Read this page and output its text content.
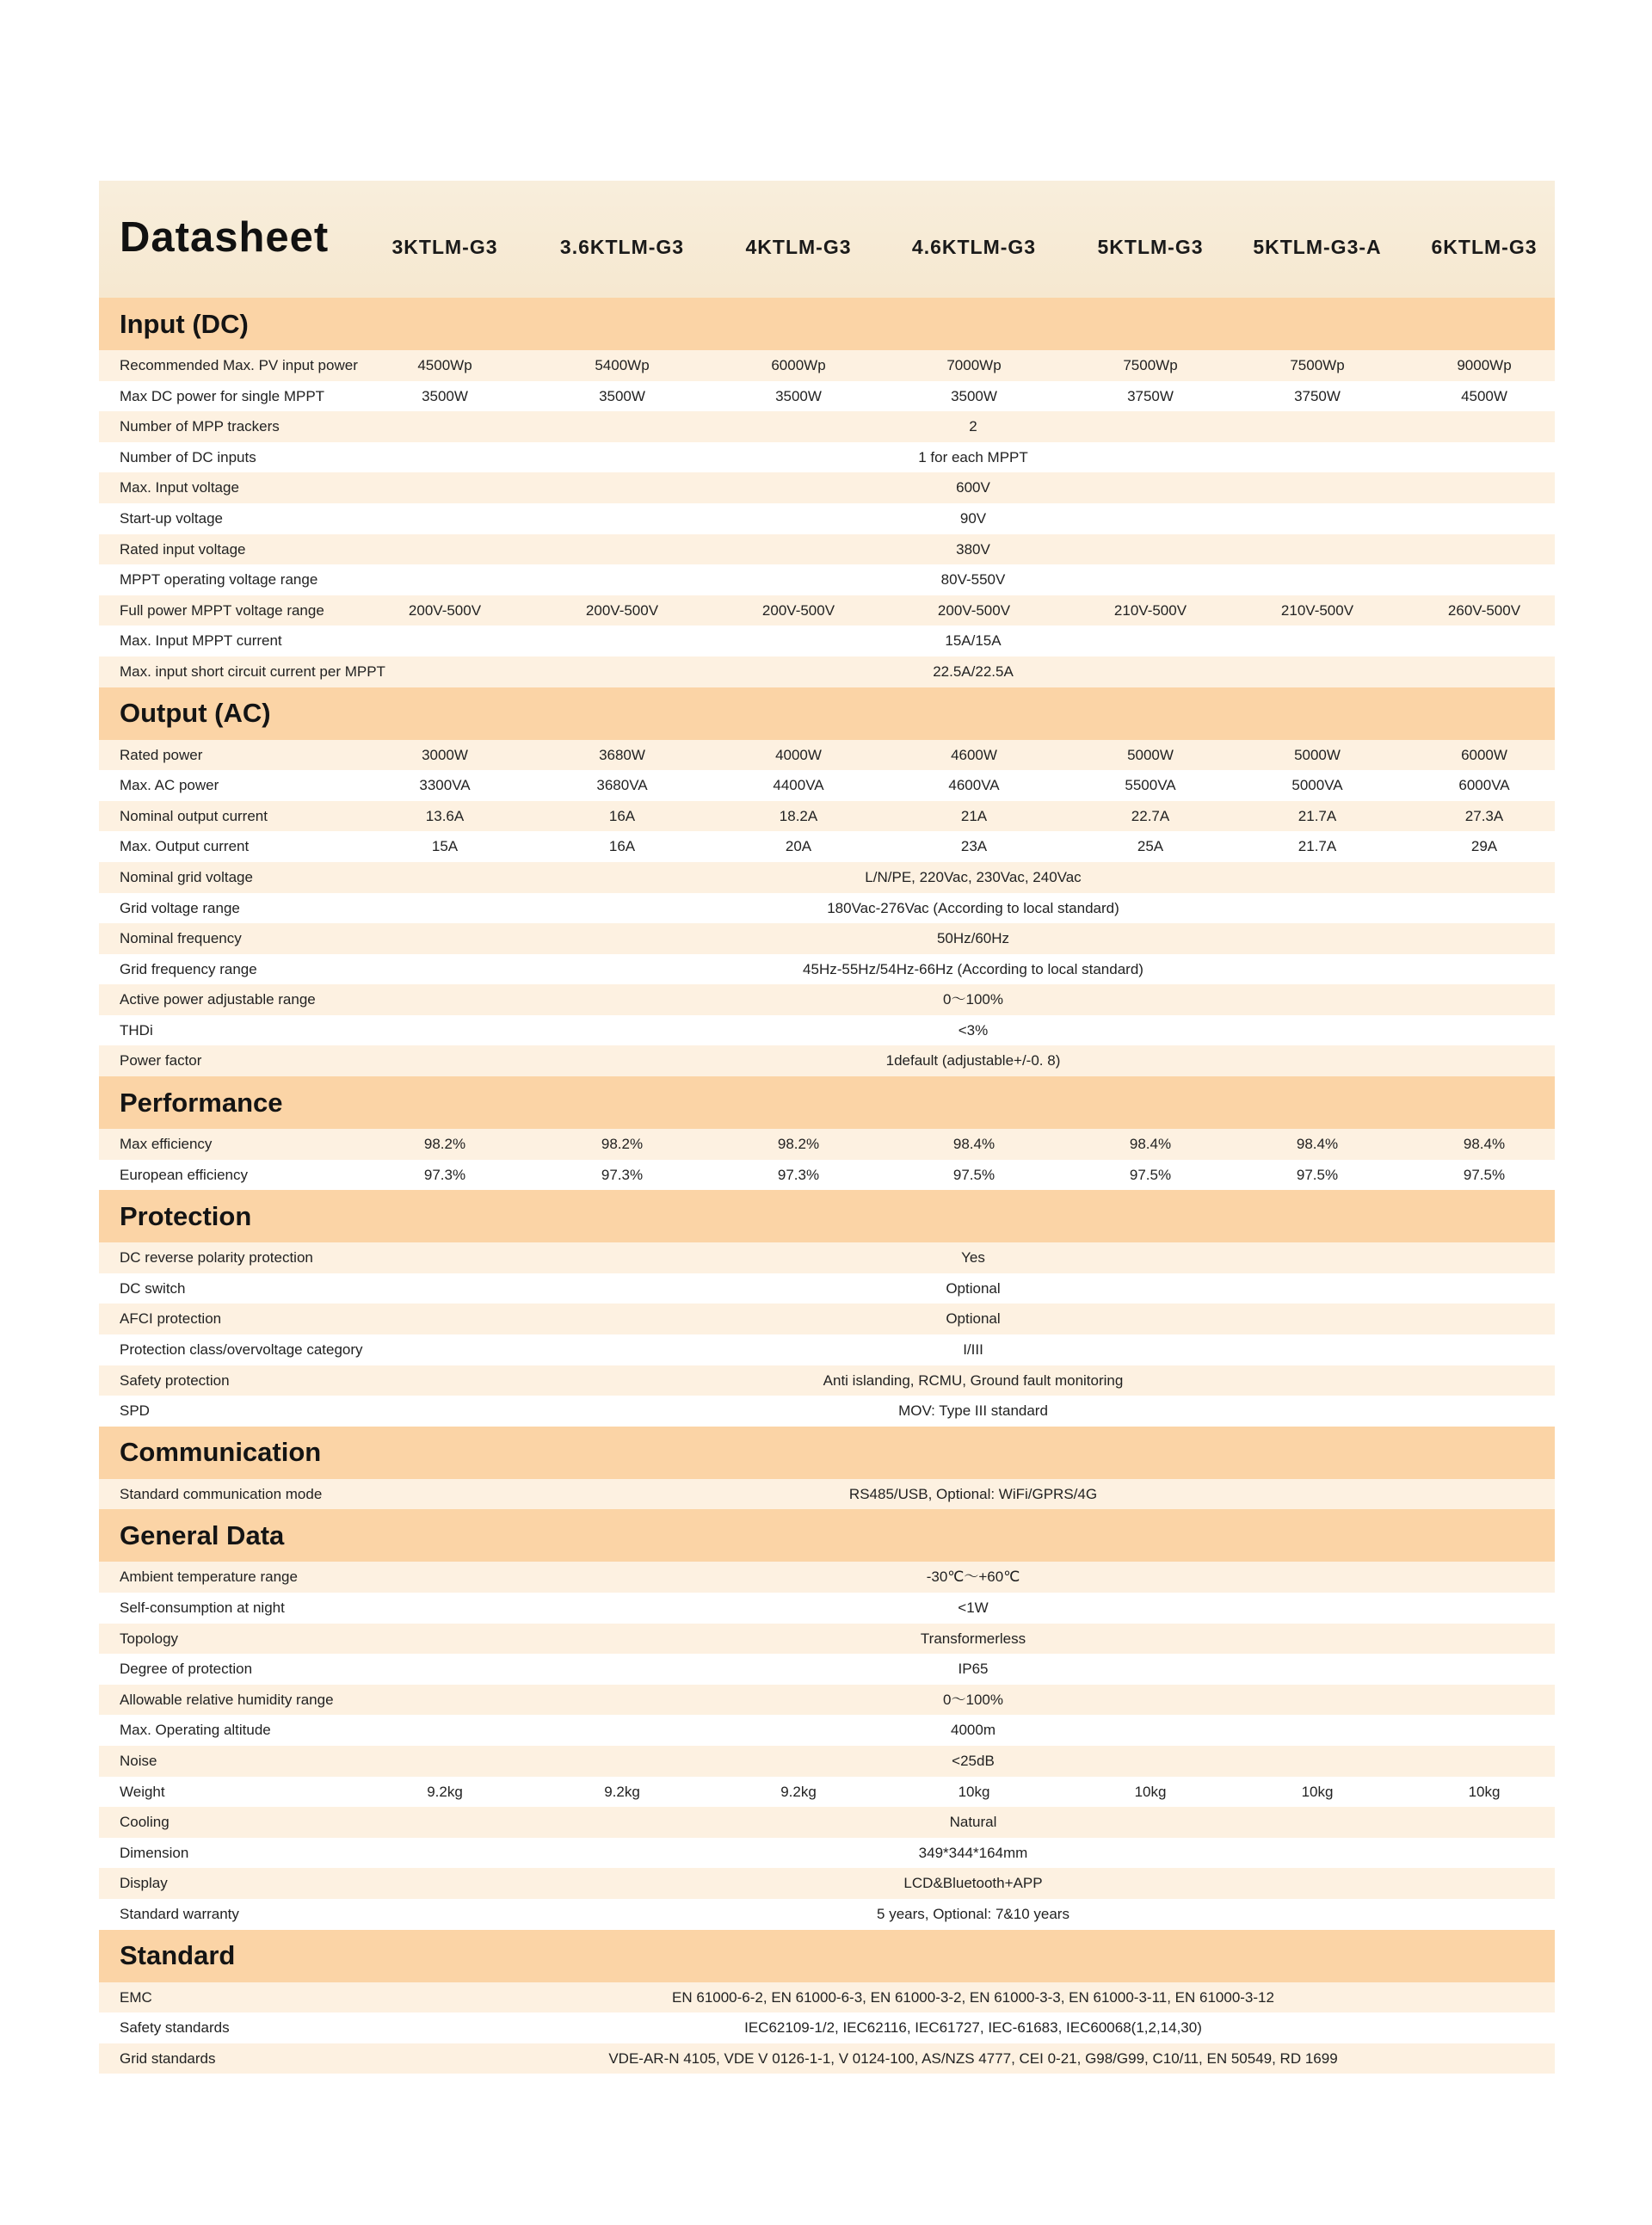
Datasheet	3KTLM-G3	3.6KTLM-G3	4KTLM-G3	4.6KTLM-G3	5KTLM-G3	5KTLM-G3-A	6KTLM-G3
Input (DC)
Recommended Max. PV input power	4500Wp	5400Wp	6000Wp	7000Wp	7500Wp	7500Wp	9000Wp
Max DC power for single MPPT	3500W	3500W	3500W	3500W	3750W	3750W	4500W
Number of MPP trackers	2
Number of DC inputs	1 for each MPPT
Max. Input voltage	600V
Start-up voltage	90V
Rated input voltage	380V
MPPT operating voltage range	80V-550V
Full power MPPT voltage range	200V-500V	200V-500V	200V-500V	200V-500V	210V-500V	210V-500V	260V-500V
Max. Input MPPT current	15A/15A
Max. input short circuit current per MPPT	22.5A/22.5A
Output (AC)
Rated power	3000W	3680W	4000W	4600W	5000W	5000W	6000W
Max. AC power	3300VA	3680VA	4400VA	4600VA	5500VA	5000VA	6000VA
Nominal output current	13.6A	16A	18.2A	21A	22.7A	21.7A	27.3A
Max. Output current	15A	16A	20A	23A	25A	21.7A	29A
Nominal grid voltage	L/N/PE, 220Vac, 230Vac, 240Vac
Grid voltage range	180Vac-276Vac (According to local standard)
Nominal frequency	50Hz/60Hz
Grid frequency range	45Hz-55Hz/54Hz-66Hz (According to local standard)
Active power adjustable range	0～100%
THDi	<3%
Power factor	1default (adjustable+/-0. 8)
Performance
Max efficiency	98.2%	98.2%	98.2%	98.4%	98.4%	98.4%	98.4%
European efficiency	97.3%	97.3%	97.3%	97.5%	97.5%	97.5%	97.5%
Protection
DC reverse polarity protection	Yes
DC switch	Optional
AFCI protection	Optional
Protection class/overvoltage category	I/III
Safety protection	Anti islanding, RCMU, Ground fault monitoring
SPD	MOV: Type III standard
Communication
Standard communication mode	RS485/USB, Optional: WiFi/GPRS/4G
General Data
Ambient temperature range	-30℃～+60℃
Self-consumption at night	<1W
Topology	Transformerless
Degree of protection	IP65
Allowable relative humidity range	0～100%
Max. Operating altitude	4000m
Noise	<25dB
Weight	9.2kg	9.2kg	9.2kg	10kg	10kg	10kg	10kg
Cooling	Natural
Dimension	349*344*164mm
Display	LCD&Bluetooth+APP
Standard warranty	5 years, Optional: 7&10 years
Standard
EMC	EN 61000-6-2, EN 61000-6-3, EN 61000-3-2, EN 61000-3-3, EN 61000-3-11, EN 61000-3-12
Safety standards	IEC62109-1/2, IEC62116, IEC61727, IEC-61683, IEC60068(1,2,14,30)
Grid standards	VDE-AR-N 4105, VDE V 0126-1-1, V 0124-100, AS/NZS 4777, CEI 0-21, G98/G99, C10/11, EN 50549, RD 1699
